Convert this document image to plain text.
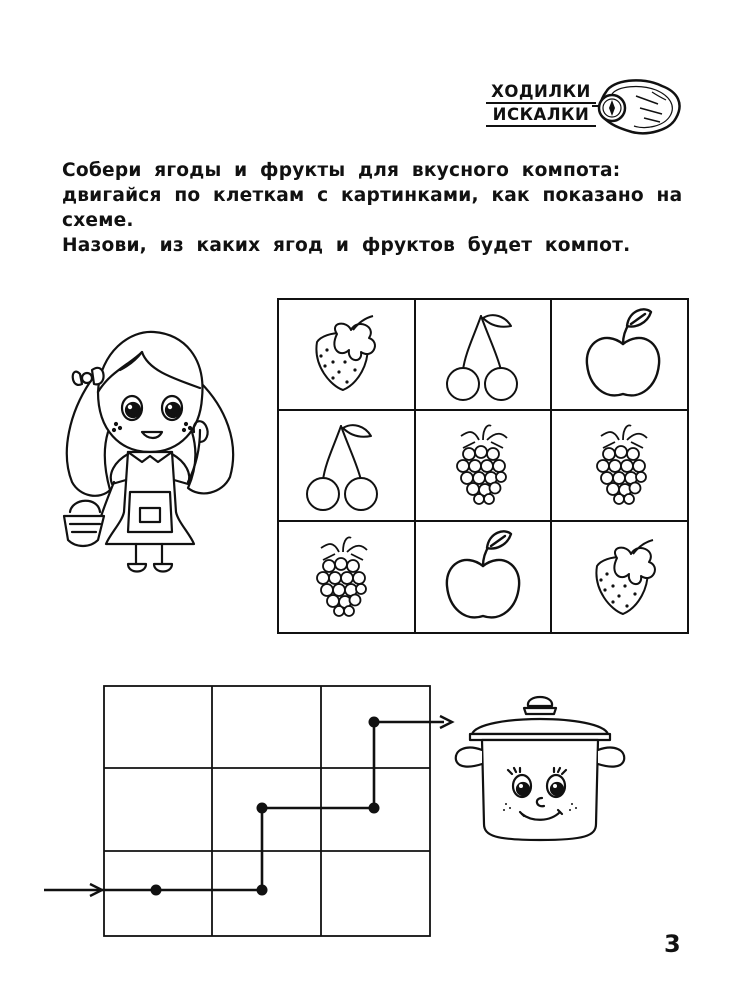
ХОДИЛКИ
ИСКАЛКИ

Собери ягоды и фрукты для вкусного компота: двигайся по клеткам с картинками, как показано на схеме.

Назови, из каких ягод и фруктов будет компот.

3
